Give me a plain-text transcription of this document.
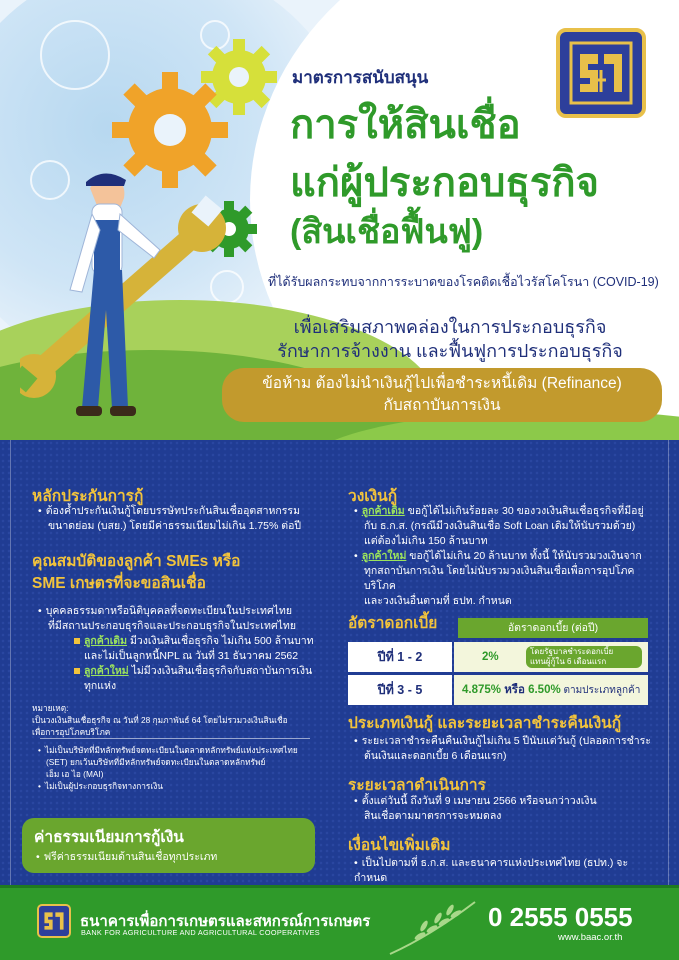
มาตรการสนับสนุน
การให้สินเชื่อ
แก่ผู้ประกอบธุรกิจ
(สินเชื่อฟื้นฟู)
ที่ได้รับผลกระทบจากการระบาดของโรคติดเชื้อไวรัสโคโรนา (COVID-19)
เพื่อเสริมสภาพคล่องในการประกอบธุรกิจ
รักษาการจ้างงาน และฟื้นฟูการประกอบธุรกิจ
ข้อห้าม ต้องไม่นำเงินกู้ไปเพื่อชำระหนี้เดิม (Refinance)
กับสถาบันการเงิน
หลักประกันการกู้
• ต้องค้ำประกันเงินกู้โดยบรรษัทประกันสินเชื่ออุตสาหกรรม
ขนาดย่อม (บสย.) โดยมีค่าธรรมเนียมไม่เกิน 1.75% ต่อปี
คุณสมบัติของลูกค้า SMEs หรือ
SME เกษตรที่จะขอสินเชื่อ
• บุคคลธรรมดาหรือนิติบุคคลที่จดทะเบียนในประเทศไทย
ที่มีสถานประกอบธุรกิจและประกอบธุรกิจในประเทศไทย
ลูกค้าเดิม มีวงเงินสินเชื่อธุรกิจ ไม่เกิน 500 ล้านบาท
และไม่เป็นลูกหนี้NPL ณ วันที่ 31 ธันวาคม 2562
ลูกค้าใหม่ ไม่มีวงเงินสินเชื่อธุรกิจกับสถาบันการเงิน
ทุกแห่ง
หมายเหตุ:
เป็นวงเงินสินเชื่อธุรกิจ ณ วันที่ 28 กุมภาพันธ์ 64 โดยไม่รวมวงเงินสินเชื่อ
เพื่อการอุปโภคบริโภค
• ไม่เป็นบริษัทที่มีหลักทรัพย์จดทะเบียนในตลาดหลักทรัพย์แห่งประเทศไทย
(SET) ยกเว้นบริษัทที่มีหลักทรัพย์จดทะเบียนในตลาดหลักทรัพย์
เอ็ม เอ ไอ (MAI)
• ไม่เป็นผู้ประกอบธุรกิจทางการเงิน
ค่าธรรมเนียมการกู้เงิน
• ฟรีค่าธรรมเนียมด้านสินเชื่อทุกประเภท
วงเงินกู้
• ลูกค้าเดิม ขอกู้ได้ไม่เกินร้อยละ 30 ของวงเงินสินเชื่อธุรกิจที่มีอยู่
กับ ธ.ก.ส. (กรณีมีวงเงินสินเชื่อ Soft Loan เดิมให้นับรวมด้วย)
แต่ต้องไม่เกิน 150 ล้านบาท
• ลูกค้าใหม่ ขอกู้ได้ไม่เกิน 20 ล้านบาท ทั้งนี้ ให้นับรวมวงเงินจาก
ทุกสถาบันการเงิน โดยไม่นับรวมวงเงินสินเชื่อเพื่อการอุปโภคบริโภค
และวงเงินอื่นตามที่ ธปท. กำหนด
อัตราดอกเบี้ย	อัตราดอกเบี้ย (ต่อปี)
ปีที่ 1 - 2	2%	โดยรัฐบาลชำระดอกเบี้ย
แทนผู้กู้ใน 6 เดือนแรก
ปีที่ 3 - 5	4.875% หรือ 6.50% ตามประเภทลูกค้า
ประเภทเงินกู้ และระยะเวลาชำระคืนเงินกู้
• ระยะเวลาชำระคืนคืนเงินกู้ไม่เกิน 5 ปีนับแต่วันกู้ (ปลอดการชำระ
ต้นเงินและดอกเบี้ย 6 เดือนแรก)
ระยะเวลาดำเนินการ
• ตั้งแต่วันนี้ ถึงวันที่ 9 เมษายน 2566 หรือจนกว่าวงเงิน
สินเชื่อตามมาตรการจะหมดลง
เงื่อนไขเพิ่มเติม
• เป็นไปตามที่ ธ.ก.ส. และธนาคารแห่งประเทศไทย (ธปท.) จะกำหนด
ธนาคารเพื่อการเกษตรและสหกรณ์การเกษตร
BANK FOR AGRICULTURE AND AGRICULTURAL COOPERATIVES
0 2555 0555
www.baac.or.th
